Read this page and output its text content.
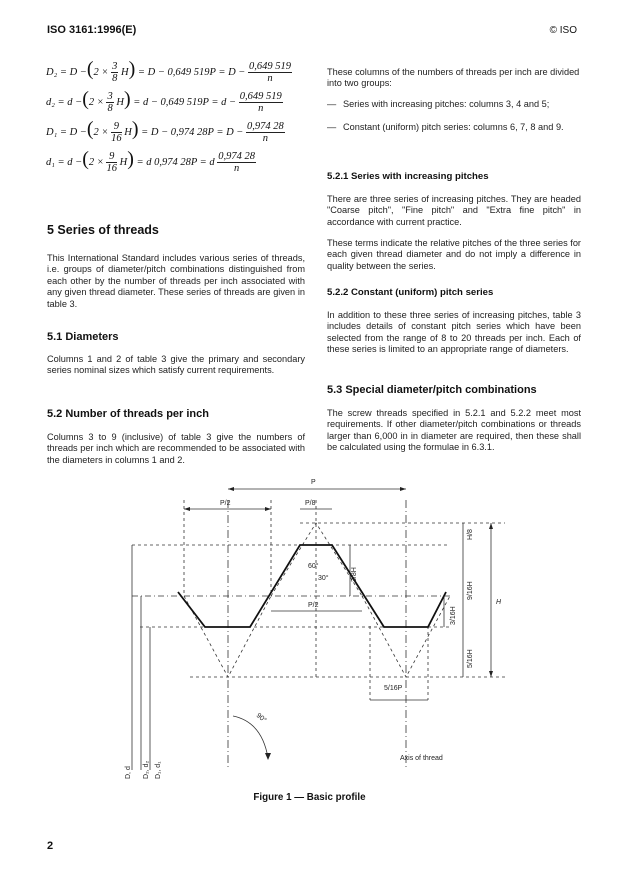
ISO 3161:1996(E)	© ISO
$D_2 = D -(2 \times \frac{3}{8} H) = D - 0,649$ $519P = D - \frac{0,649 519}{n}$
$d_2 = d -(2 \times \frac{3}{8} H) = d - 0,649$ $519P = d - \frac{0,649 519}{n}$
$D_1 = D -(2 \times \frac{9}{16} H) = D - 0,974$ $28P = D - \frac{0,974 28}{n}$
$d_1 = d -(2 \times \frac{9}{16} H) = d$ 0,974 28P = d $\frac{0,974 28}{n}$
5 Series of threads
This International Standard includes various series of threads, i.e. groups of diameter/pitch combinations distinguished from each other by the number of threads per inch associated with any given thread diameter. These series of threads are given in table 3.
5.1 Diameters
Columns 1 and 2 of table 3 give the primary and secondary series nominal sizes which satisfy current requirements.
5.2 Number of threads per inch
Columns 3 to 9 (inclusive) of table 3 give the numbers of threads per inch which are recommended to be associated with the diameters in columns 1 and 2.
These columns of the numbers of threads per inch are divided into two groups:
— Series with increasing pitches: columns 3, 4 and 5;
— Constant (uniform) pitch series: columns 6, 7, 8 and 9.
5.2.1 Series with increasing pitches
There are three series of increasing pitches. They are headed "Coarse pitch", "Fine pitch" and "Extra fine pitch" in accordance with current practice.
These terms indicate the relative pitches of the three series for each given thread diameter and do not imply a difference in quality between the series.
5.2.2 Constant (uniform) pitch series
In addition to these three series of increasing pitches, table 3 includes details of constant pitch series which have been selected from the range of 8 to 20 threads per inch. Each of these series is limited to an appropriate range of diameters.
5.3 Special diameter/pitch combinations
The screw threads specified in 5.2.1 and 5.2.2 meet most requirements. If other diameter/pitch combinations or threads larger than 6,000 in in diameter are required, then these shall be calculated using the formulae in 6.3.1.
P
P/2	P/8
P/2
60°
30°
5/16P
90°
Axis of thread
H
3/8H
H/8
9/16H
3/16H
5/16H
D, d D₂, d₂ D₁, d₁
Figure 1 — Basic profile
2
